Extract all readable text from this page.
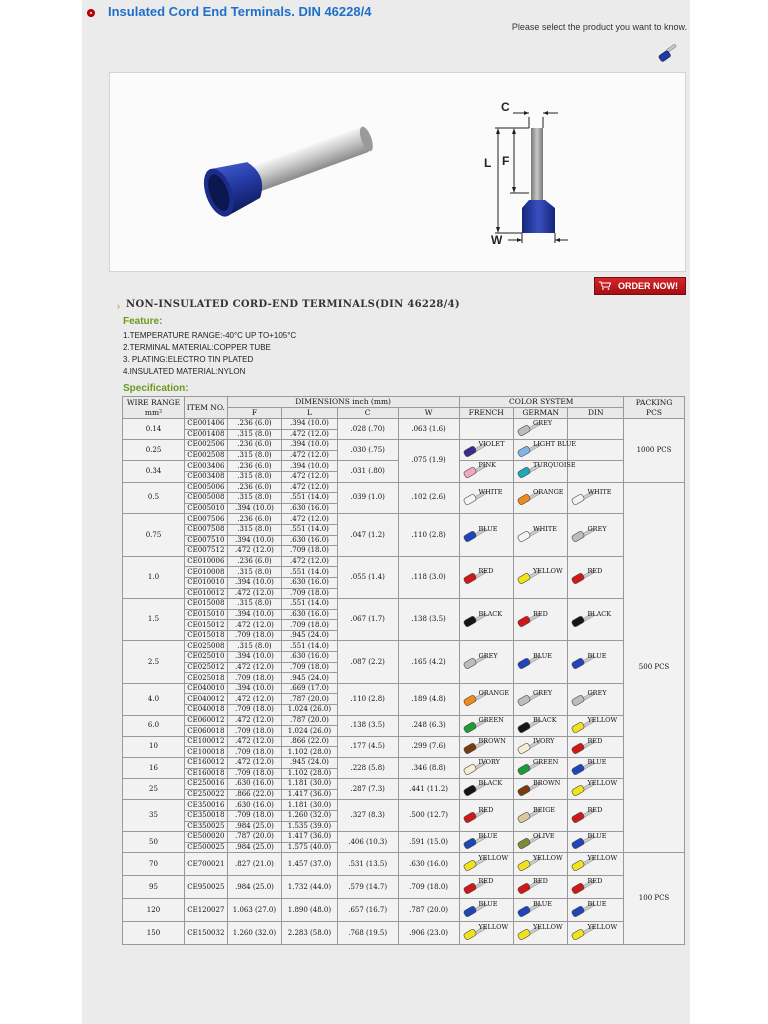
Insulated Cord End Terminals. DIN 46228/4
Please select the product you want to know.
C
L F
W
ORDER NOW!
› NON-INSULATED CORD-END TERMINALS(DIN 46228/4)
Feature:
1.TEMPERATURE RANGE:-40°C UP TO+105°C
2.TERMINAL MATERIAL:COPPER TUBE
3. PLATING:ELECTRO TIN PLATED
4.INSULATED MATERIAL:NYLON
Specification:
WIRE RANGE
mm²	ITEM NO.	DIMENSIONS inch (mm)				COLOR SYSTEM			PACKING
PCS
		F	L	C	W	FRENCH	GERMAN	DIN	
0.14	CE001406	.236 (6.0)	.394 (10.0)	.028 (.70)	.063 (1.6)		GREY		1000 PCS
	CE001408	.315 (8.0)	.472 (12.0)						
0.25	CE002506	.236 (6.0)	.394 (10.0)	.030 (.75)	.075 (1.9)	VIOLET	LIGHT BLUE		

	CE002508	.315 (8.0)	.472 (12.0)						
0.34	CE003406	.236 (6.0)	.394 (10.0)	.031 (.80)		PINK	TURQUOISE		

	CE003408	.315 (8.0)	.472 (12.0)						
0.5	CE005006	.236 (6.0)	.472 (12.0)	.039 (1.0)	.102 (2.6)	WHITE	ORANGE	WHITE	500 PCS
	CE005008	.315 (8.0)	.551 (14.0)						
	CE005010	.394 (10.0)	.630 (16.0)						
0.75	CE007506	.236 (6.0)	.472 (12.0)	.047 (1.2)	.110 (2.8)	BLUE	WHITE	GREY	

	CE007508	.315 (8.0)	.551 (14.0)						
	CE007510	.394 (10.0)	.630 (16.0)						
	CE007512	.472 (12.0)	.709 (18.0)						
1.0	CE010006	.236 (6.0)	.472 (12.0)	.055 (1.4)	.118 (3.0)	RED	YELLOW	RED	

	CE010008	.315 (8.0)	.551 (14.0)						
	CE010010	.394 (10.0)	.630 (16.0)						
	CE010012	.472 (12.0)	.709 (18.0)						
1.5	CE015008	.315 (8.0)	.551 (14.0)	.067 (1.7)	.138 (3.5)	BLACK	RED	BLACK	

	CE015010	.394 (10.0)	.630 (16.0)						
	CE015012	.472 (12.0)	.709 (18.0)						
	CE015018	.709 (18.0)	.945 (24.0)						
2.5	CE025008	.315 (8.0)	.551 (14.0)	.087 (2.2)	.165 (4.2)	GREY	BLUE	BLUE	

	CE025010	.394 (10.0)	.630 (16.0)						
	CE025012	.472 (12.0)	.709 (18.0)						
	CE025018	.709 (18.0)	.945 (24.0)						
4.0	CE040010	.394 (10.0)	.669 (17.0)	.110 (2.8)	.189 (4.8)	ORANGE	GREY	GREY	

	CE040012	.472 (12.0)	.787 (20.0)						
	CE040018	.709 (18.0)	1.024 (26.0)						
6.0	CE060012	.472 (12.0)	.787 (20.0)	.138 (3.5)	.248 (6.3)	GREEN	BLACK	YELLOW	

	CE060018	.709 (18.0)	1.024 (26.0)						
10	CE100012	.472 (12.0)	.866 (22.0)	.177 (4.5)	.299 (7.6)	BROWN	IVORY	RED	

	CE100018	.709 (18.0)	1.102 (28.0)						
16	CE160012	.472 (12.0)	.945 (24.0)	.228 (5.8)	.346 (8.8)	IVORY	GREEN	BLUE	

	CE160018	.709 (18.0)	1.102 (28.0)						
25	CE250016	.630 (16.0)	1.181 (30.0)	.287 (7.3)	.441 (11.2)	BLACK	BROWN	YELLOW	

	CE250022	.866 (22.0)	1.417 (36.0)						
35	CE350016	.630 (16.0)	1.181 (30.0)	.327 (8.3)	.500 (12.7)	RED	BEIGE	RED	

	CE350018	.709 (18.0)	1.260 (32.0)						
	CE350025	.984 (25.0)	1.535 (39.0)						
50	CE500020	.787 (20.0)	1.417 (36.0)	.406 (10.3)	.591 (15.0)	BLUE	OLIVE	BLUE	

	CE500025	.984 (25.0)	1.575 (40.0)						
70	CE700021	.827 (21.0)	1.457 (37.0)	.531 (13.5)	.630 (16.0)	YELLOW	YELLOW	YELLOW	100 PCS
95	CE950025	.984 (25.0)	1.732 (44.0)	.579 (14.7)	.709 (18.0)	RED	RED	RED	

120	CE120027	1.063 (27.0)	1.890 (48.0)	.657 (16.7)	.787 (20.0)	BLUE	BLUE	BLUE	

150	CE150032	1.260 (32.0)	2.283 (58.0)	.768 (19.5)	.906 (23.0)	YELLOW	YELLOW	YELLOW	
